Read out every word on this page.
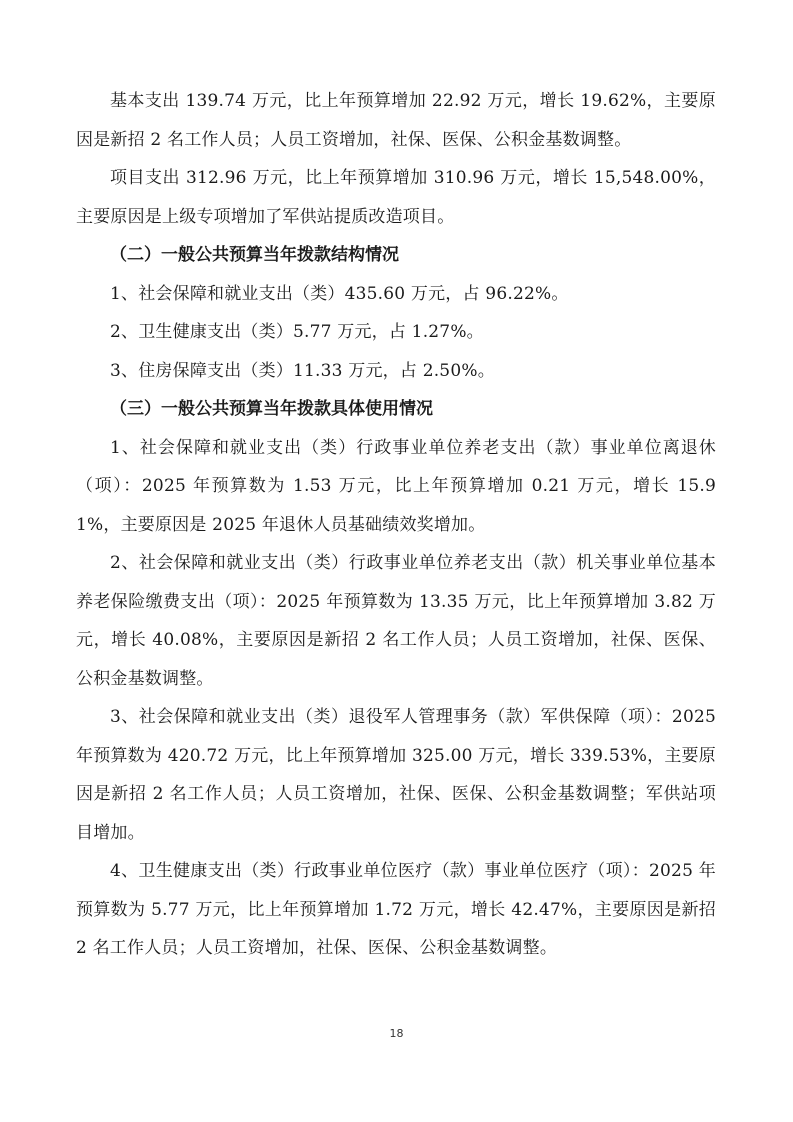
基本支出 139.74 万元，比上年预算增加 22.92 万元，增长 19.62%，主要原因是新招 2 名工作人员；人员工资增加，社保、医保、公积金基数调整。

项目支出 312.96 万元，比上年预算增加 310.96 万元，增长 15,548.00%，主要原因是上级专项增加了军供站提质改造项目。

（二）一般公共预算当年拨款结构情况

1、社会保障和就业支出（类）435.60 万元，占 96.22%。

2、卫生健康支出（类）5.77 万元，占 1.27%。

3、住房保障支出（类）11.33 万元，占 2.50%。

（三）一般公共预算当年拨款具体使用情况

1、社会保障和就业支出（类）行政事业单位养老支出（款）事业单位离退休（项）：2025 年预算数为 1.53 万元，比上年预算增加 0.21 万元，增长 15.91%，主要原因是 2025 年退休人员基础绩效奖增加。

2、社会保障和就业支出（类）行政事业单位养老支出（款）机关事业单位基本养老保险缴费支出（项）：2025 年预算数为 13.35 万元，比上年预算增加 3.82 万元，增长 40.08%，主要原因是新招 2 名工作人员；人员工资增加，社保、医保、公积金基数调整。

3、社会保障和就业支出（类）退役军人管理事务（款）军供保障（项）：2025 年预算数为 420.72 万元，比上年预算增加 325.00 万元，增长 339.53%，主要原因是新招 2 名工作人员；人员工资增加，社保、医保、公积金基数调整；军供站项目增加。

4、卫生健康支出（类）行政事业单位医疗（款）事业单位医疗（项）：2025 年预算数为 5.77 万元，比上年预算增加 1.72 万元，增长 42.47%，主要原因是新招 2 名工作人员；人员工资增加，社保、医保、公积金基数调整。

18
